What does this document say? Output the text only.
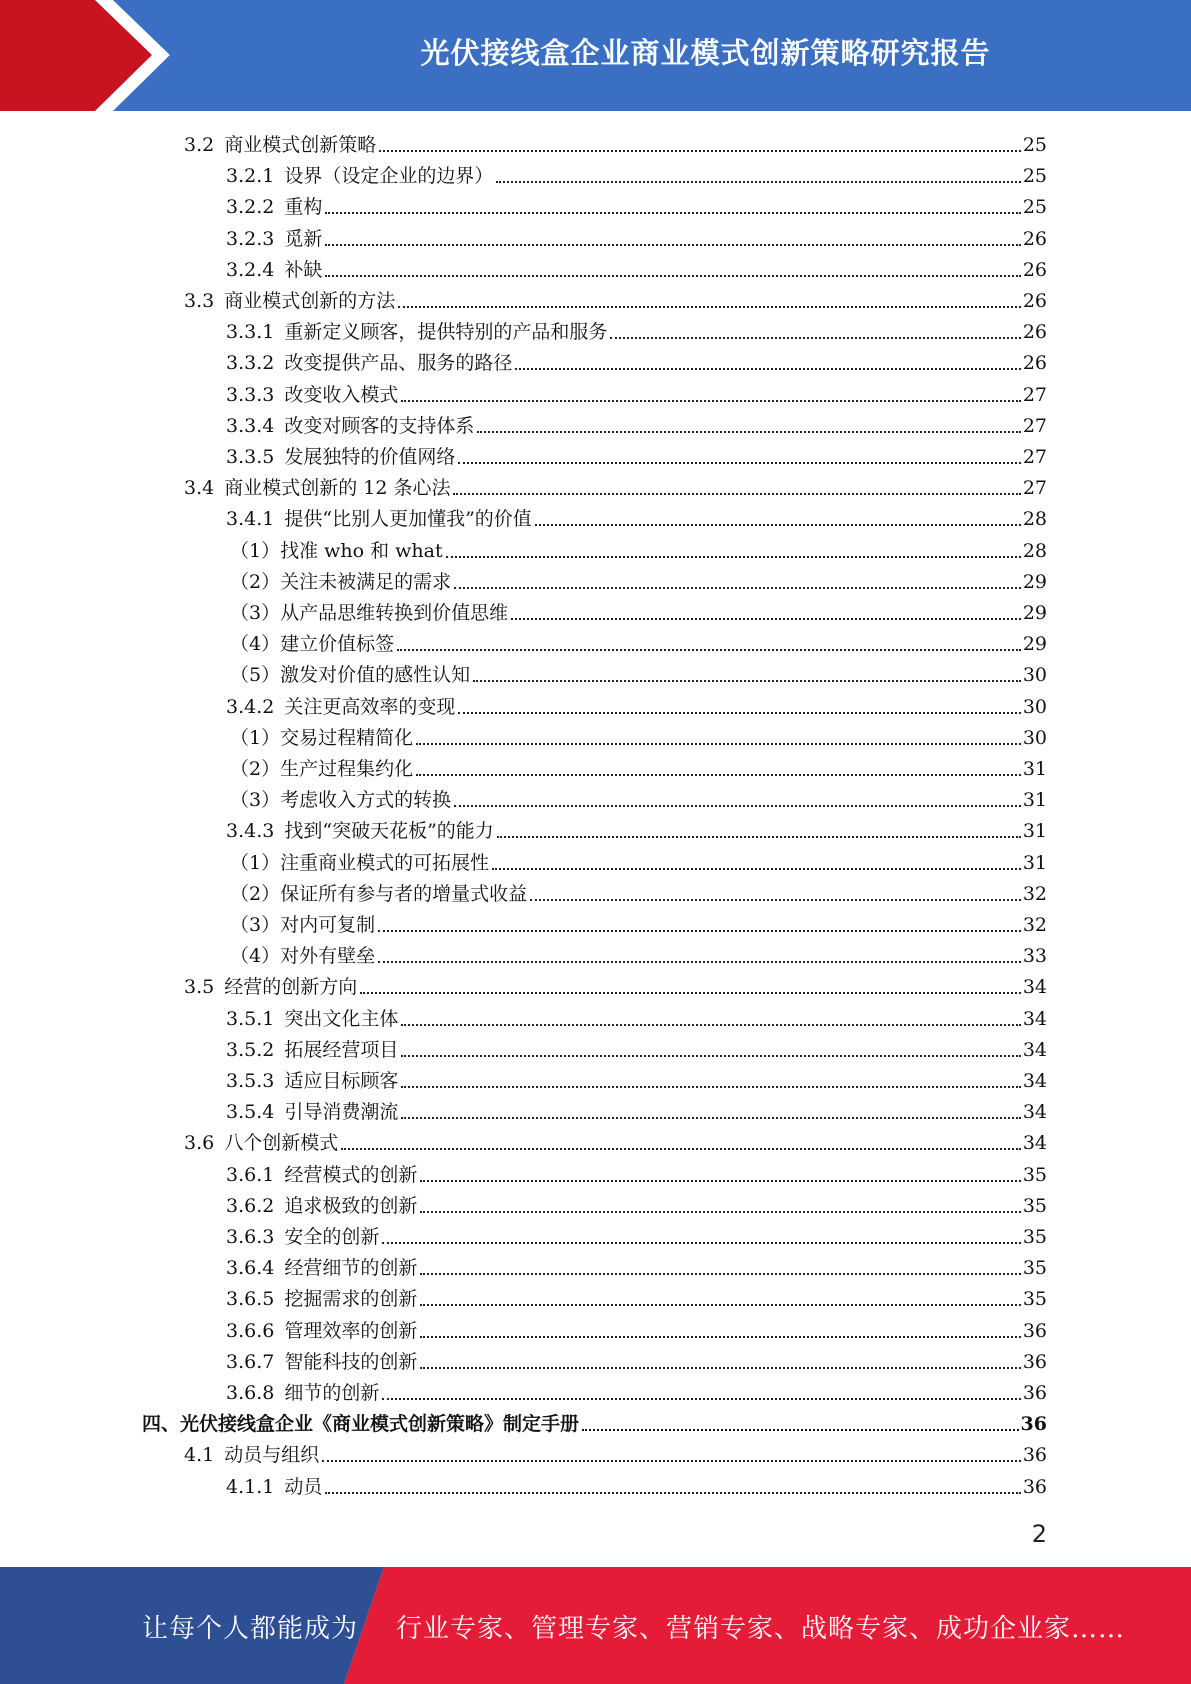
光伏接线盒企业商业模式创新策略研究报告
3.2 商业模式创新策略	25
3.2.1 设界（设定企业的边界）	25
3.2.2 重构	25
3.2.3 觅新	26
3.2.4 补缺	26
3.3 商业模式创新的方法	26
3.3.1 重新定义顾客，提供特别的产品和服务	26
3.3.2 改变提供产品、服务的路径	26
3.3.3 改变收入模式	27
3.3.4 改变对顾客的支持体系	27
3.3.5 发展独特的价值网络	27
3.4 商业模式创新的 12 条心法	27
3.4.1 提供“比别人更加懂我”的价值	28
（1）找准 who 和 what	28
（2）关注未被满足的需求	29
（3）从产品思维转换到价值思维	29
（4）建立价值标签	29
（5）激发对价值的感性认知	30
3.4.2 关注更高效率的变现	30
（1）交易过程精简化	30
（2）生产过程集约化	31
（3）考虑收入方式的转换	31
3.4.3 找到“突破天花板”的能力	31
（1）注重商业模式的可拓展性	31
（2）保证所有参与者的增量式收益	32
（3）对内可复制	32
（4）对外有壁垒	33
3.5 经营的创新方向	34
3.5.1 突出文化主体	34
3.5.2 拓展经营项目	34
3.5.3 适应目标顾客	34
3.5.4 引导消费潮流	34
3.6 八个创新模式	34
3.6.1 经营模式的创新	35
3.6.2 追求极致的创新	35
3.6.3 安全的创新	35
3.6.4 经营细节的创新	35
3.6.5 挖掘需求的创新	35
3.6.6 管理效率的创新	36
3.6.7 智能科技的创新	36
3.6.8 细节的创新	36
四、光伏接线盒企业《商业模式创新策略》制定手册	36
4.1 动员与组织	36
4.1.1 动员	36
2
让每个人都能成为 行业专家、管理专家、营销专家、战略专家、成功企业家……
